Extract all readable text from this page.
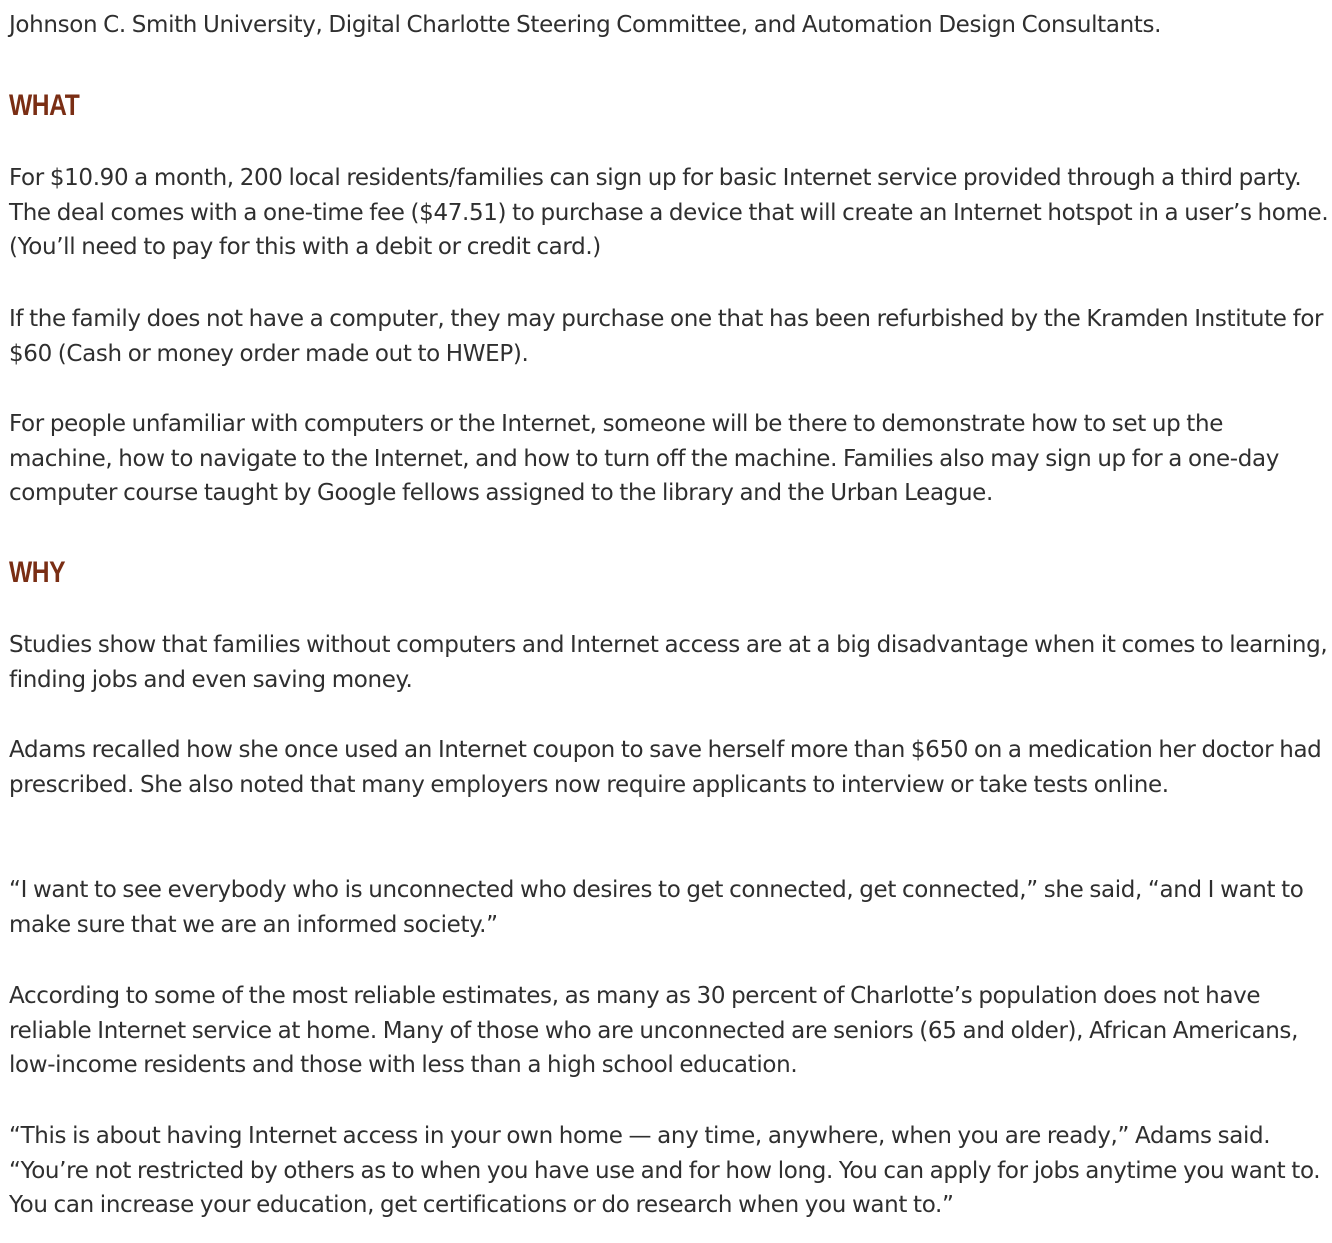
Johnson C. Smith University, Digital Charlotte Steering Committee, and Automation Design Consultants.

WHAT

For $10.90 a month, 200 local residents/families can sign up for basic Internet service provided through a third party. The deal comes with a one-time fee ($47.51) to purchase a device that will create an Internet hotspot in a user’s home. (You’ll need to pay for this with a debit or credit card.)

If the family does not have a computer, they may purchase one that has been refurbished by the Kramden Institute for $60 (Cash or money order made out to HWEP).

For people unfamiliar with computers or the Internet, someone will be there to demonstrate how to set up the machine, how to navigate to the Internet, and how to turn off the machine. Families also may sign up for a one-day computer course taught by Google fellows assigned to the library and the Urban League.

WHY

Studies show that families without computers and Internet access are at a big disadvantage when it comes to learning, finding jobs and even saving money.

Adams recalled how she once used an Internet coupon to save herself more than $650 on a medication her doctor had prescribed. She also noted that many employers now require applicants to interview or take tests online.

“I want to see everybody who is unconnected who desires to get connected, get connected,” she said, “and I want to make sure that we are an informed society.”

According to some of the most reliable estimates, as many as 30 percent of Charlotte’s population does not have reliable Internet service at home. Many of those who are unconnected are seniors (65 and older), African Americans, low-income residents and those with less than a high school education.

“This is about having Internet access in your own home — any time, anywhere, when you are ready,” Adams said. “You’re not restricted by others as to when you have use and for how long. You can apply for jobs anytime you want to. You can increase your education, get certifications or do research when you want to.”
